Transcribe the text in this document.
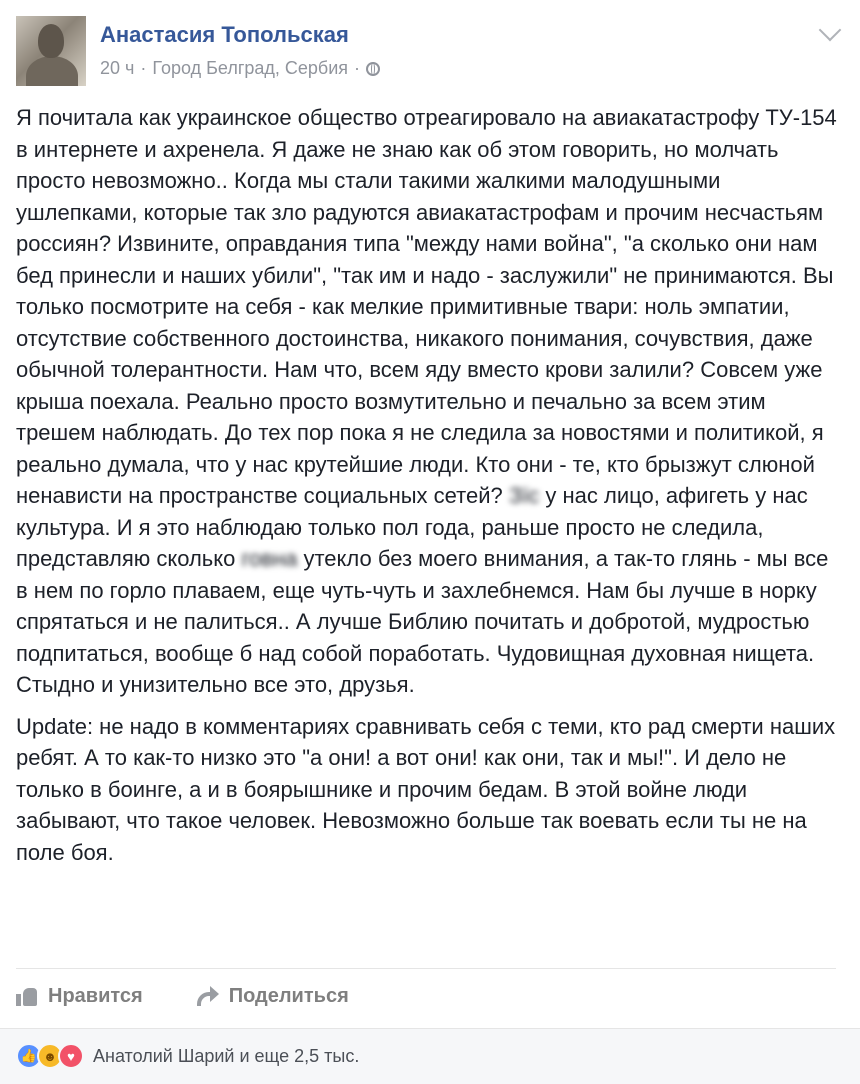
Анастасия Топольская
20 ч · Город Белград, Сербия ·

Я почитала как украинское общество отреагировало на авиакатастрофу ТУ-154 в интернете и ахренела. Я даже не знаю как об этом говорить, но молчать просто невозможно.. Когда мы стали такими жалкими малодушными ушлепками, которые так зло радуются авиакатастрофам и прочим несчастьям россиян? Извините, оправдания типа "между нами война", "а сколько они нам бед принесли и наших убили", "так им и надо - заслужили" не принимаются. Вы только посмотрите на себя - как мелкие примитивные твари: ноль эмпатии, отсутствие собственного достоинства, никакого понимания, сочувствия, даже обычной толерантности. Нам что, всем яду вместо крови залили? Совсем уже крыша поехала. Реально просто возмутительно и печально за всем этим трешем наблюдать. До тех пор пока я не следила за новостями и политикой, я реально думала, что у нас крутейшие люди. Кто они - те, кто брызжут слюной ненависти на пространстве социальных сетей? Зїс у нас лицо, афигеть у нас культура. И я это наблюдаю только пол года, раньше просто не следила, представляю сколько говна утекло без моего внимания, а так-то глянь - мы все в нем по горло плаваем, еще чуть-чуть и захлебнемся. Нам бы лучше в норку спрятаться и не палиться.. А лучше Библию почитать и добротой, мудростью подпитаться, вообще б над собой поработать. Чудовищная духовная нищета. Стыдно и унизительно все это, друзья.

Update: не надо в комментариях сравнивать себя с теми, кто рад смерти наших ребят. А то как-то низко это "а они! а вот они! как они, так и мы!". И дело не только в боинге, а и в боярышнике и прочим бедам. В этой войне люди забывают, что такое человек. Невозможно больше так воевать если ты не на поле боя.

Нравится	Поделиться
👍 ☻ ♥	Анатолий Шарий и еще 2,5 тыс.
